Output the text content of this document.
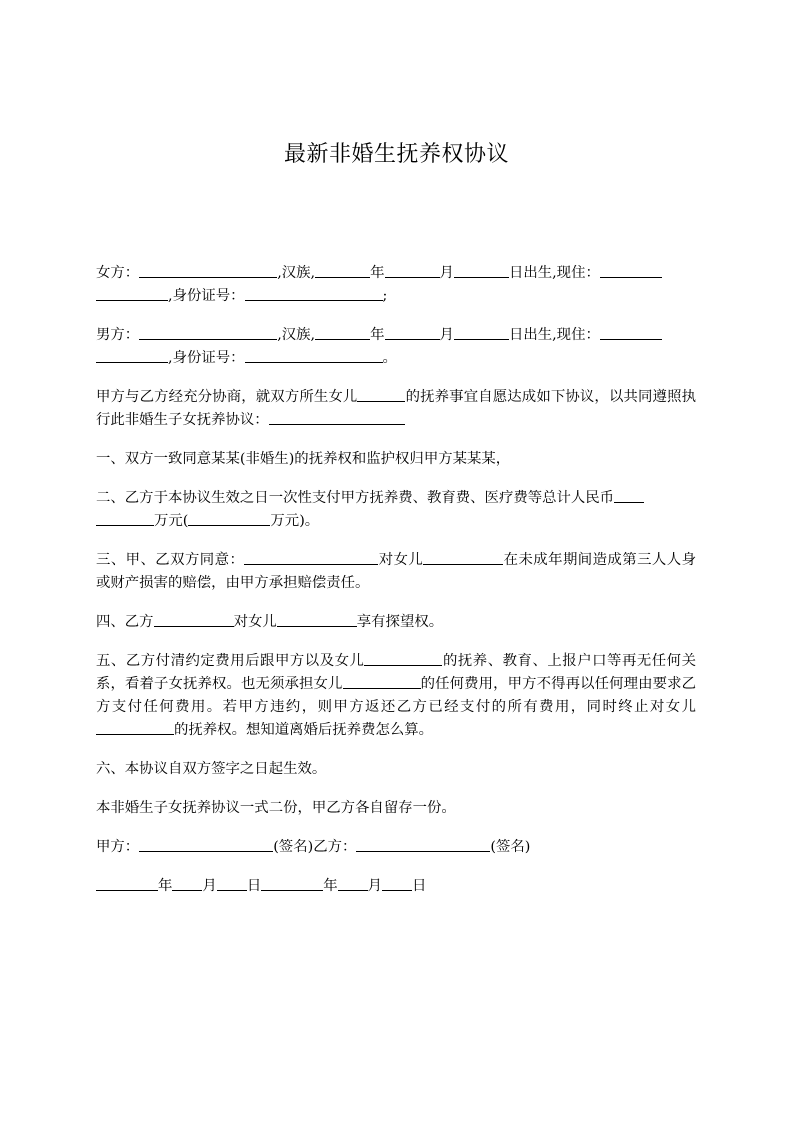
最新非婚生抚养权协议

女方：	,汉族,	年	月	日出生,现住：
,身份证号：	;

男方：	,汉族,	年	月	日出生,现住：
,身份证号：	。

甲方与乙方经充分协商，就双方所生女儿	的抚养事宜自愿达成如下协议，以共同遵照执行此非婚生子女抚养协议：

一、双方一致同意某某(非婚生)的抚养权和监护权归甲方某某某，

二、乙方于本协议生效之日一次性支付甲方抚养费、教育费、医疗费等总计人民币
万元(	万元)。

三、甲、乙双方同意：	对女儿	在未成年期间造成第三人人身或财产损害的赔偿，由甲方承担赔偿责任。

四、乙方	对女儿	享有探望权。

五、乙方付清约定费用后跟甲方以及女儿	的抚养、教育、上报户口等再无任何关系，看着子女抚养权。也无须承担女儿	的任何费用，甲方不得再以任何理由要求乙方支付任何费用。若甲方违约，则甲方返还乙方已经支付的所有费用，同时终止对女儿的抚养权。想知道离婚后抚养费怎么算。

六、本协议自双方签字之日起生效。

本非婚生子女抚养协议一式二份，甲乙方各自留存一份。

甲方：	(签名)乙方：	(签名)

年 月 日	年 月 日
